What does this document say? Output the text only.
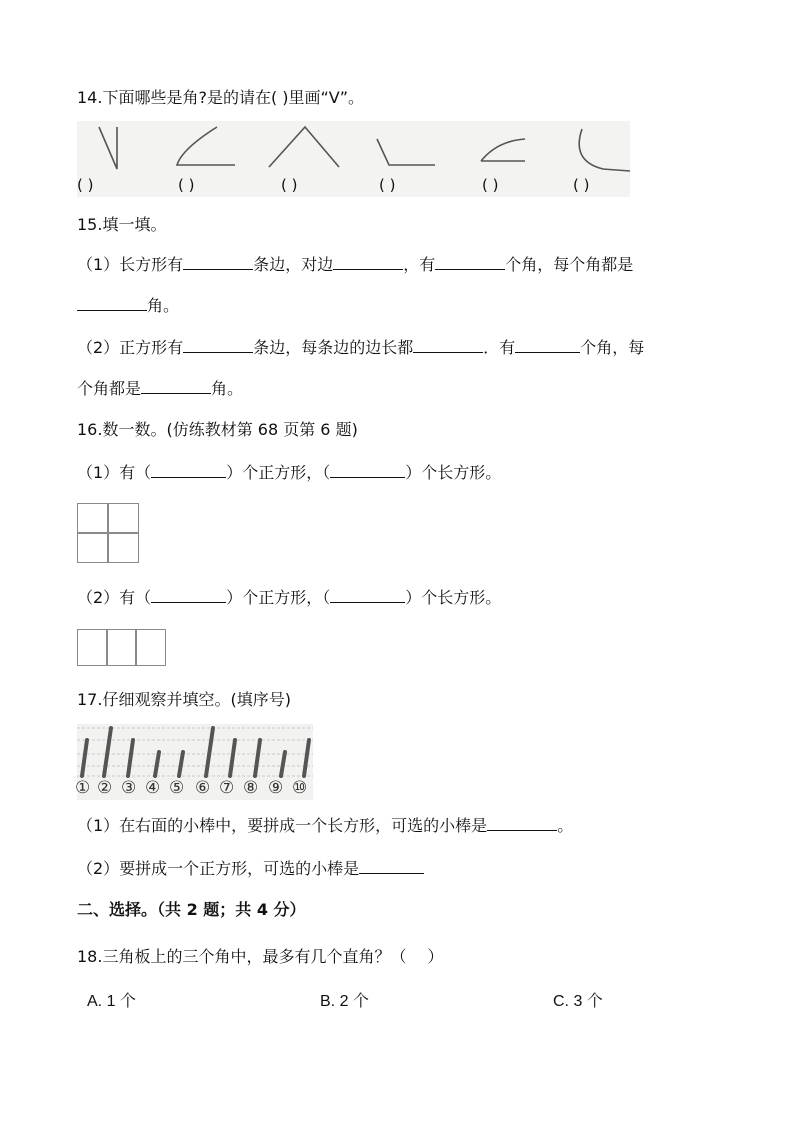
14.下面哪些是角?是的请在( )里画“V”。
( )	( )	( )	( )	( )	( )
15.填一填。
（1）长方形有	条边，对边	，有	个角，每个角都是
角。
（2）正方形有	条边，每条边的边长都	．有	个角，每
个角都是	角。
16.数一数。(仿练教材第 68 页第 6 题)
（1）有（	）个正方形，（	）个长方形。
（2）有（	）个正方形，（	）个长方形。
17.仔细观察并填空。(填序号)
① ② ③ ④ ⑤ ⑥ ⑦ ⑧ ⑨ ⑩
（1）在右面的小棒中，要拼成一个长方形，可选的小棒是	。
（2）要拼成一个正方形，可选的小棒是
二、选择。（共 2 题；共 4 分）
18.三角板上的三个角中，最多有几个直角？（　 ）
A. 1 个	B. 2 个	C. 3 个
